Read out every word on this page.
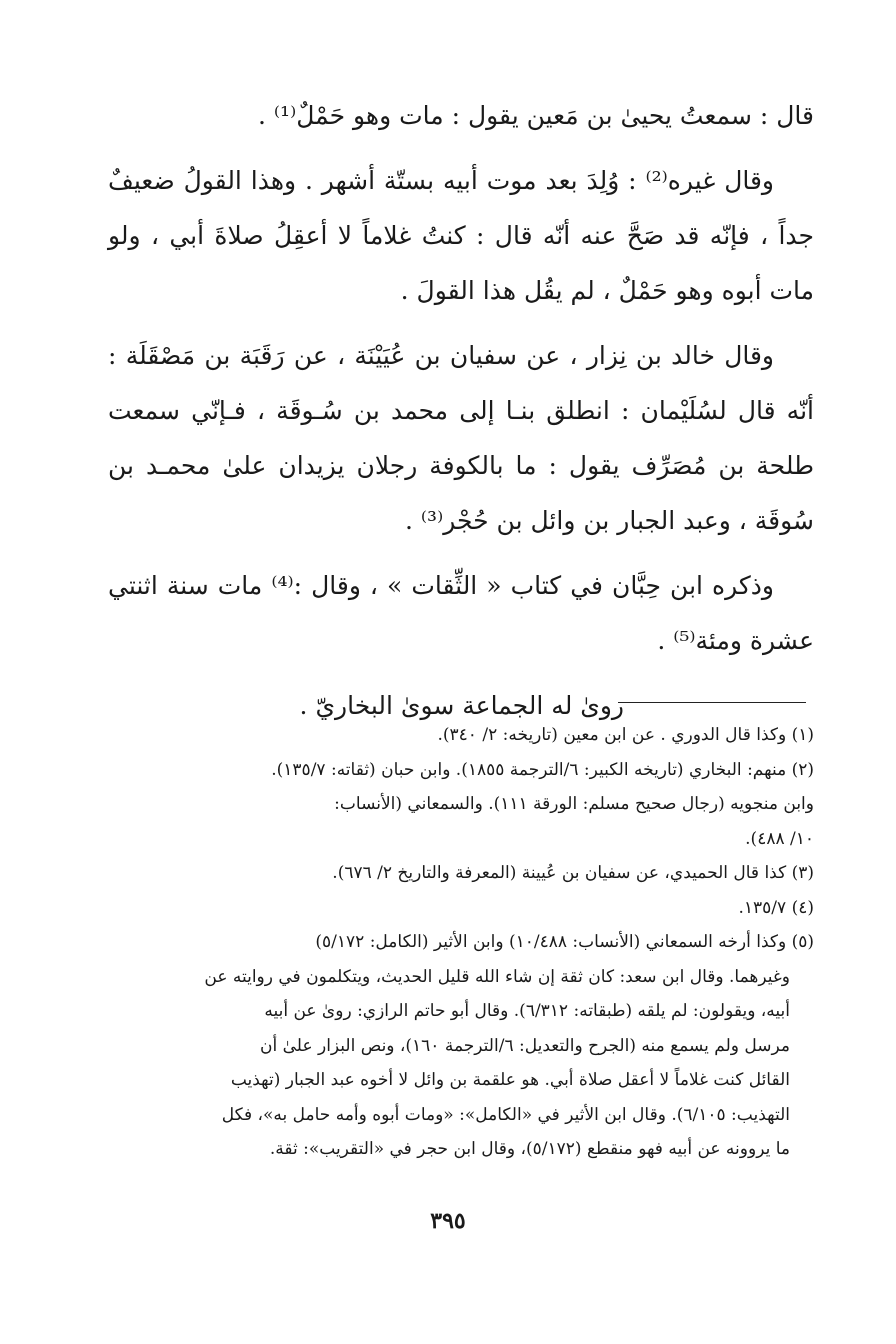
قال : سمعتُ يحيىٰ بن مَعين يقول : مات وهو حَمْلٌ⁽¹⁾ .

وقال غيره⁽²⁾ : وُلِدَ بعد موت أبيه بستّة أشهر . وهذا القولُ ضعيفٌ جداً ، فإنّه قد صَحَّ عنه أنّه قال : كنتُ غلاماً لا أعقِلُ صلاةَ أبي ، ولو مات أبوه وهو حَمْلٌ ، لم يقُل هذا القولَ .

وقال خالد بن نِزار ، عن سفيان بن عُيَيْنَة ، عن رَقَبَة بن مَصْقَلَة : أنّه قال لسُلَيْمان : انطلق بنـا إلى محمد بن سُـوقَة ، فـإنّي سمعت طلحة بن مُصَرِّف يقول : ما بالكوفة رجلان يزيدان علىٰ محمـد بن سُوقَة ، وعبد الجبار بن وائل بن حُجْر⁽³⁾ .

وذكره ابن حِبَّان في كتاب « الثِّقات » ، وقال :⁽⁴⁾ مات سنة اثنتي عشرة ومئة⁽⁵⁾ .

روىٰ له الجماعة سوىٰ البخاريّ .

(١) وكذا قال الدوري . عن ابن معين (تاريخه: ٢/ ٣٤٠).
(٢) منهم: البخاري (تاريخه الكبير: ٦/الترجمة ١٨٥٥). وابن حبان (ثقاته: ١٣٥/٧).
وابن منجويه (رجال صحيح مسلم: الورقة ١١١). والسمعاني (الأنساب:
١٠/ ٤٨٨).
(٣) كذا قال الحميدي، عن سفيان بن عُيينة (المعرفة والتاريخ ٢/ ٦٧٦).
(٤) ١٣٥/٧.
(٥) وكذا أرخه السمعاني (الأنساب: ١٠/٤٨٨) وابن الأثير (الكامل: ٥/١٧٢)
وغيرهما. وقال ابن سعد: كان ثقة إن شاء الله قليل الحديث، ويتكلمون في روايته عن
أبيه، ويقولون: لم يلقه (طبقاته: ٦/٣١٢). وقال أبو حاتم الرازي: روىٰ عن أبيه
مرسل ولم يسمع منه (الجرح والتعديل: ٦/الترجمة ١٦٠)، ونص البزار علىٰ أن
القائل كنت غلاماً لا أعقل صلاة أبي. هو علقمة بن وائل لا أخوه عبد الجبار (تهذيب
التهذيب: ٦/١٠٥). وقال ابن الأثير في «الكامل»: «ومات أبوه وأمه حامل به»، فكل
ما يروونه عن أبيه فهو منقطع (٥/١٧٢)، وقال ابن حجر في «التقريب»: ثقة.
٣٩٥
